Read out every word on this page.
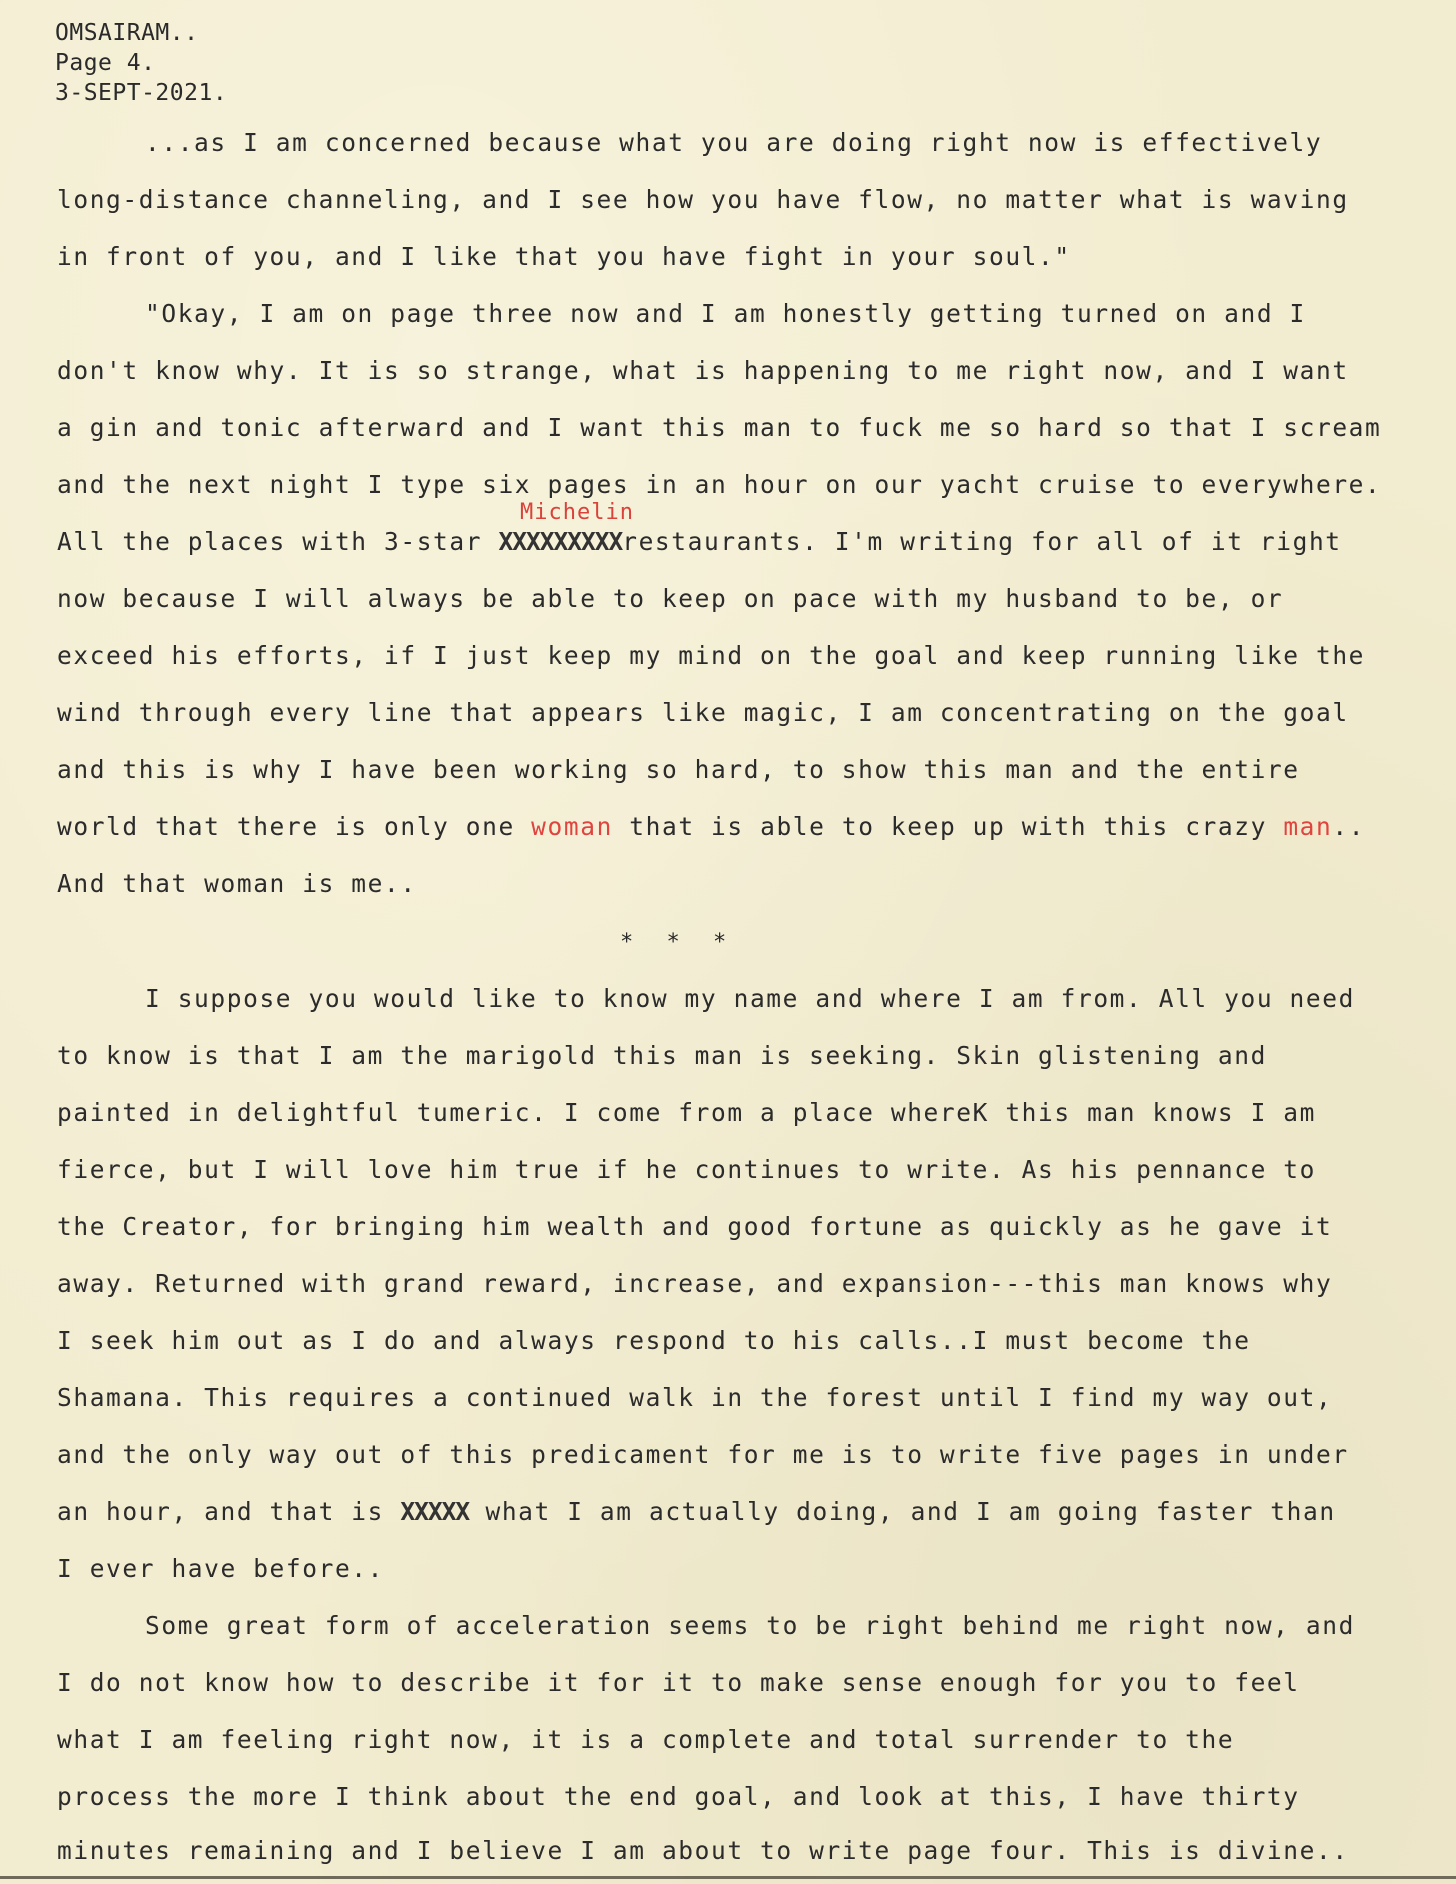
OMSAIRAM..
Page 4.
3-SEPT-2021.
...as I am concerned because what you are doing right now is effectively
long-distance channeling, and I see how you have flow, no matter what is waving
in front of you, and I like that you have fight in your soul."
"Okay, I am on page three now and I am honestly getting turned on and I
don't know why. It is so strange, what is happening to me right now, and I want
a gin and tonic afterward and I want this man to fuck me so hard so that I scream
and the next night I type six pages in an hour on our yacht cruise to everywhere.
Michelin
All the places with 3-star XXXXXXXXXrestaurants. I'm writing for all of it right
now because I will always be able to keep on pace with my husband to be, or
exceed his efforts, if I just keep my mind on the goal and keep running like the
wind through every line that appears like magic, I am concentrating on the goal
and this is why I have been working so hard, to show this man and the entire
world that there is only one woman that is able to keep up with this crazy man..
And that woman is me..
* * *
I suppose you would like to know my name and where I am from. All you need
to know is that I am the marigold this man is seeking. Skin glistening and
painted in delightful tumeric. I come from a place whereK this man knows I am
fierce, but I will love him true if he continues to write. As his pennance to
the Creator, for bringing him wealth and good fortune as quickly as he gave it
away. Returned with grand reward, increase, and expansion---this man knows why
I seek him out as I do and always respond to his calls..I must become the
Shamana. This requires a continued walk in the forest until I find my way out,
and the only way out of this predicament for me is to write five pages in under
an hour, and that is XXXXX what I am actually doing, and I am going faster than
I ever have before..
Some great form of acceleration seems to be right behind me right now, and
I do not know how to describe it for it to make sense enough for you to feel
what I am feeling right now, it is a complete and total surrender to the
process the more I think about the end goal, and look at this, I have thirty
minutes remaining and I believe I am about to write page four. This is divine..
